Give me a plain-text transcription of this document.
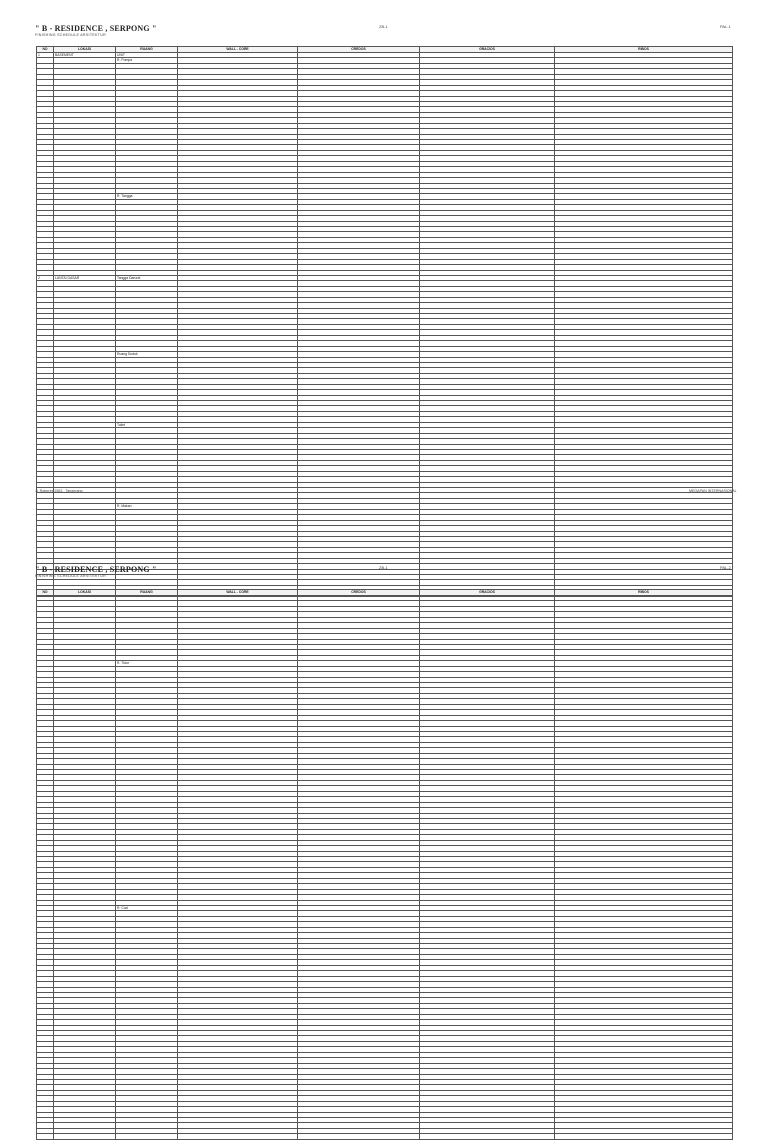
" B - RESIDENCE , SERPONG "
FINISHING SCHEDULE ARSITEKTUR
ZB-1	PAL-1
NO	LOKASI	RUANG	WALL - CORE	CREDOS	GRACIOS	RIBOS
1	BASEMENT	UNIT				
		R. Pompa				

		R. Tangga				

2	LANTAI DASAR	Tangga Darurat				

		Ruang Duduk				

		Toilet				

		R. Makan				

Jl. Rotorrex 2563 - Tangerang	MEGAPAN INTERNASIONAL
" B - RESIDENCE , SERPONG "
FINISHING SCHEDULE ARSITEKTUR
ZB-1	PAL-2
NO	LOKASI	RUANG	WALL - CORE	CREDOS	GRACIOS	RIBOS

		R. Tidur				

		R. Cuci				
